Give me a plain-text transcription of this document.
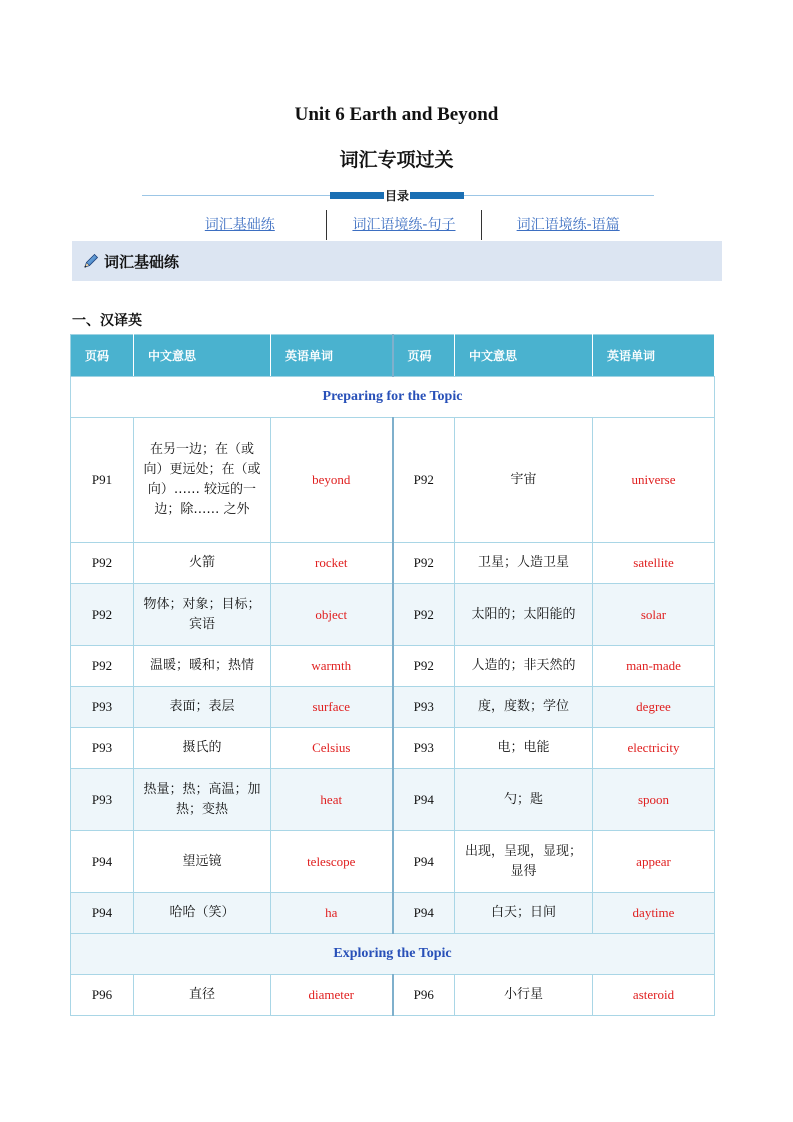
Unit 6 Earth and Beyond
词汇专项过关
目录
词汇基础练	词汇语境练-句子	词汇语境练-语篇
词汇基础练
一、汉译英
页码	中文意思	英语单词	页码	中文意思	英语单词
Preparing for the Topic					
P91	在另一边；在（或向）更远处；在（或向）…… 较远的一边；除…… 之外	beyond	P92	宇宙	universe
P92	火箭	rocket	P92	卫星；人造卫星	satellite
P92	物体；对象；目标；宾语	object	P92	太阳的；太阳能的	solar
P92	温暖；暖和；热情	warmth	P92	人造的；非天然的	man-made
P93	表面；表层	surface	P93	度，度数；学位	degree
P93	摄氏的	Celsius	P93	电；电能	electricity
P93	热量；热；高温；加热；变热	heat	P94	勺；匙	spoon
P94	望远镜	telescope	P94	出现，呈现，显现；显得	appear
P94	哈哈（笑）	ha	P94	白天；日间	daytime
Exploring the Topic					
P96	直径	diameter	P96	小行星	asteroid
